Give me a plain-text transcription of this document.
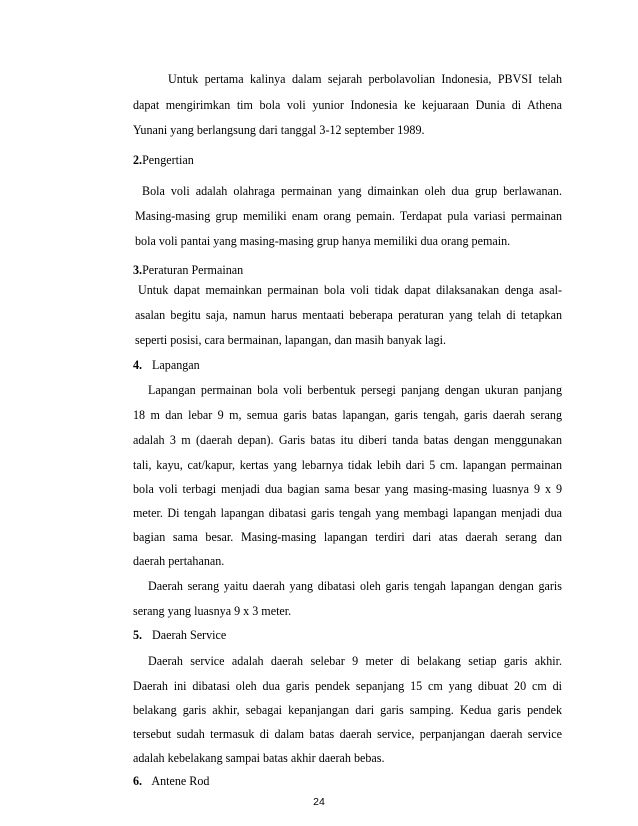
Untuk pertama kalinya dalam sejarah perbolavolian Indonesia, PBVSI telah
dapat mengirimkan tim bola voli yunior Indonesia ke kejuaraan Dunia di Athena
Yunani yang berlangsung dari tanggal 3-12 september 1989.
2.Pengertian
Bola voli adalah olahraga permainan yang dimainkan oleh dua grup berlawanan.
Masing-masing grup memiliki enam orang pemain. Terdapat pula variasi permainan
bola voli pantai yang masing-masing grup hanya memiliki dua orang pemain.
3.Peraturan Permainan
Untuk dapat memainkan permainan bola voli tidak dapat dilaksanakan denga asal-
asalan begitu saja, namun harus mentaati beberapa peraturan yang telah di tetapkan
seperti posisi, cara bermainan, lapangan, dan masih banyak lagi.
4. Lapangan
Lapangan permainan bola voli berbentuk persegi panjang dengan ukuran panjang
18 m dan lebar 9 m, semua garis batas lapangan, garis tengah, garis daerah serang
adalah 3 m (daerah depan). Garis batas itu diberi tanda batas dengan menggunakan
tali, kayu, cat/kapur, kertas yang lebarnya tidak lebih dari 5 cm. lapangan permainan
bola voli terbagi menjadi dua bagian sama besar yang masing-masing luasnya 9 x 9
meter. Di tengah lapangan dibatasi garis tengah yang membagi lapangan menjadi dua
bagian sama besar. Masing-masing lapangan terdiri dari atas daerah serang dan
daerah pertahanan.
Daerah serang yaitu daerah yang dibatasi oleh garis tengah lapangan dengan garis
serang yang luasnya 9 x 3 meter.
5. Daerah Service
Daerah service adalah daerah selebar 9 meter di belakang setiap garis akhir.
Daerah ini dibatasi oleh dua garis pendek sepanjang 15 cm yang dibuat 20 cm di
belakang garis akhir, sebagai kepanjangan dari garis samping. Kedua garis pendek
tersebut sudah termasuk di dalam batas daerah service, perpanjangan daerah service
adalah kebelakang sampai batas akhir daerah bebas.
6. Antene Rod
24
